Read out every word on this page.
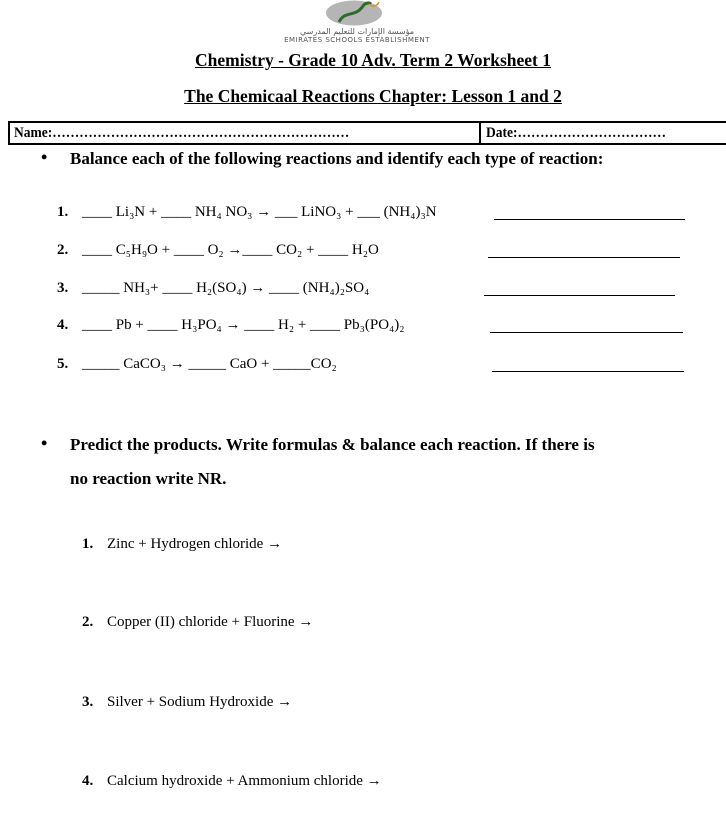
مؤسسة الإمارات للتعليم المدرسي
EMIRATES SCHOOLS ESTABLISHMENT
Chemistry - Grade 10 Adv. Term 2 Worksheet 1
The Chemicaal Reactions Chapter: Lesson 1 and 2
Name:…………………………………………………………	Date:……………………………
• Balance each of the following reactions and identify each type of reaction:
1. ____ Li₃N + ____ NH₄ NO₃ → ___ LiNO₃ + ___ (NH₄)₃N
2. ____ C₅H₉O + ____ O₂ →____ CO₂ + ____ H₂O
3. _____ NH₃+ ____ H₂(SO₄) → ____ (NH₄)₂SO₄
4. ____ Pb + ____ H₃PO₄ → ____ H₂ + ____ Pb₃(PO₄)₂
5. _____ CaCO₃ → _____ CaO + _____CO₂
• Predict the products. Write formulas & balance each reaction. If there is
no reaction write NR.
1. Zinc + Hydrogen chloride →
2. Copper (II) chloride + Fluorine →
3. Silver + Sodium Hydroxide →
4. Calcium hydroxide + Ammonium chloride →
